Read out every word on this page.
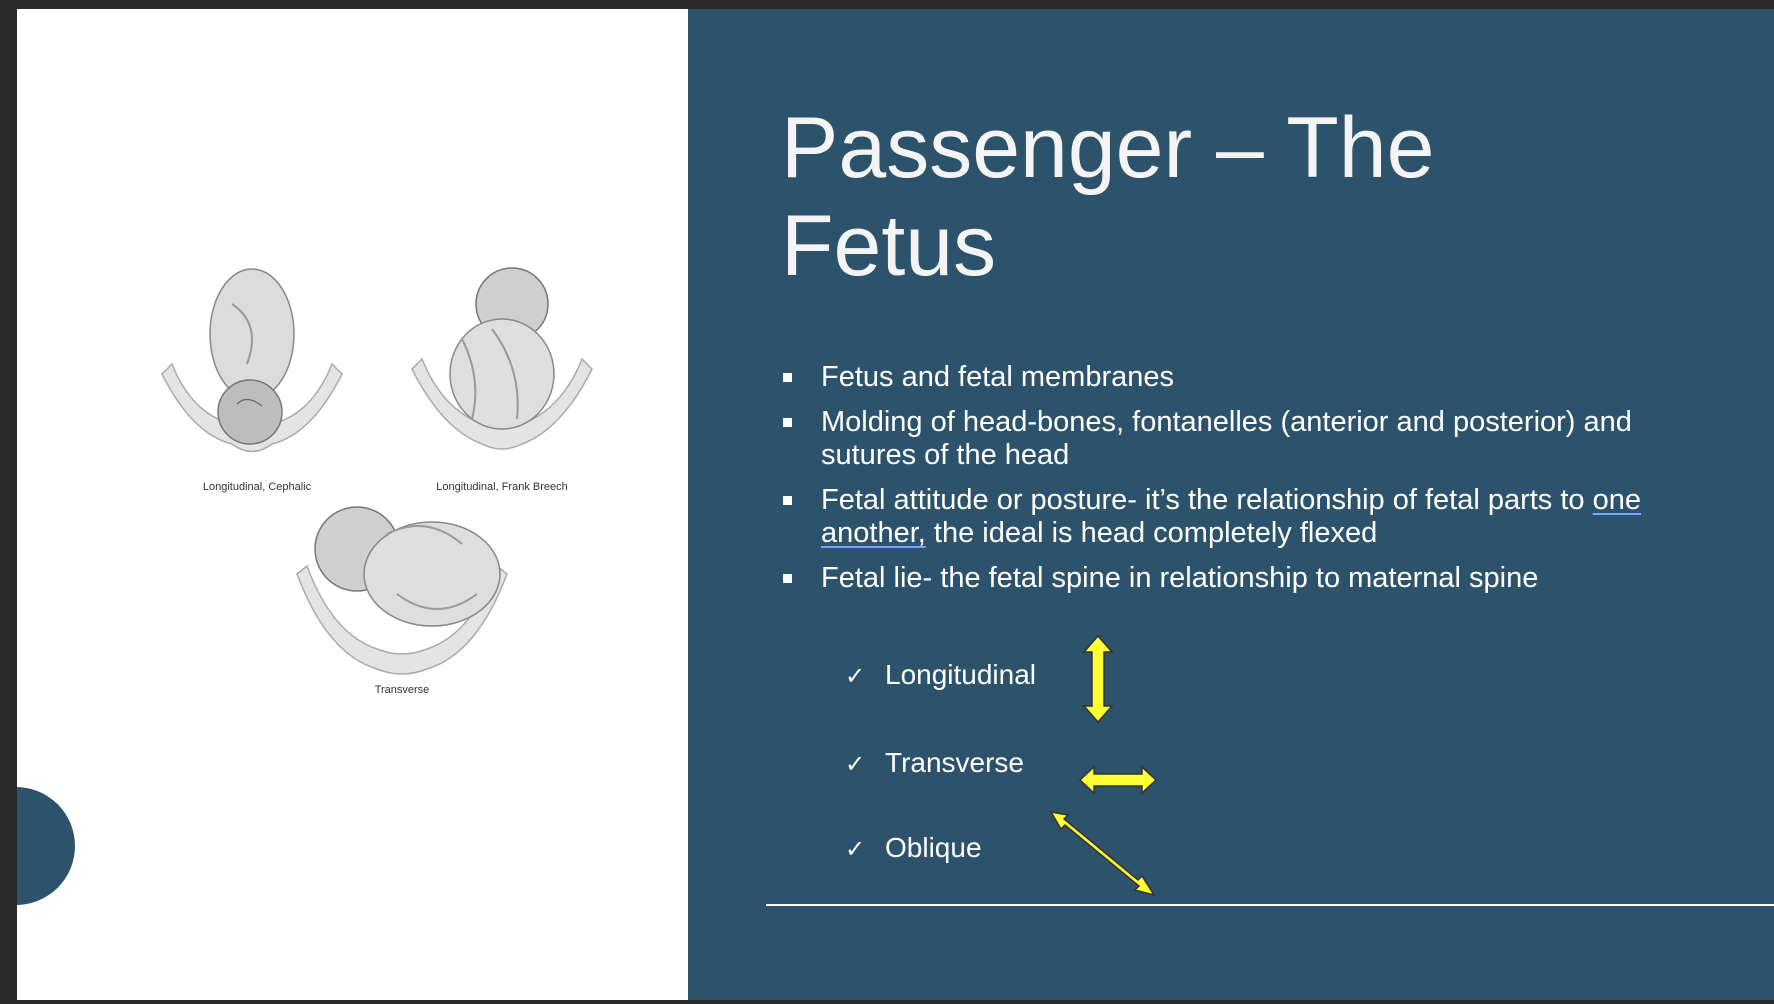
Longitudinal, Cephalic	Longitudinal, Frank Breech
Transverse
Passenger – The
Fetus
Fetus and fetal membranes
Molding of head-bones, fontanelles (anterior and posterior) and sutures of the head
Fetal attitude or posture- it’s the relationship of fetal parts to one another, the ideal is head completely flexed
Fetal lie- the fetal spine in relationship to maternal spine
✓ Longitudinal
✓ Transverse
✓ Oblique
